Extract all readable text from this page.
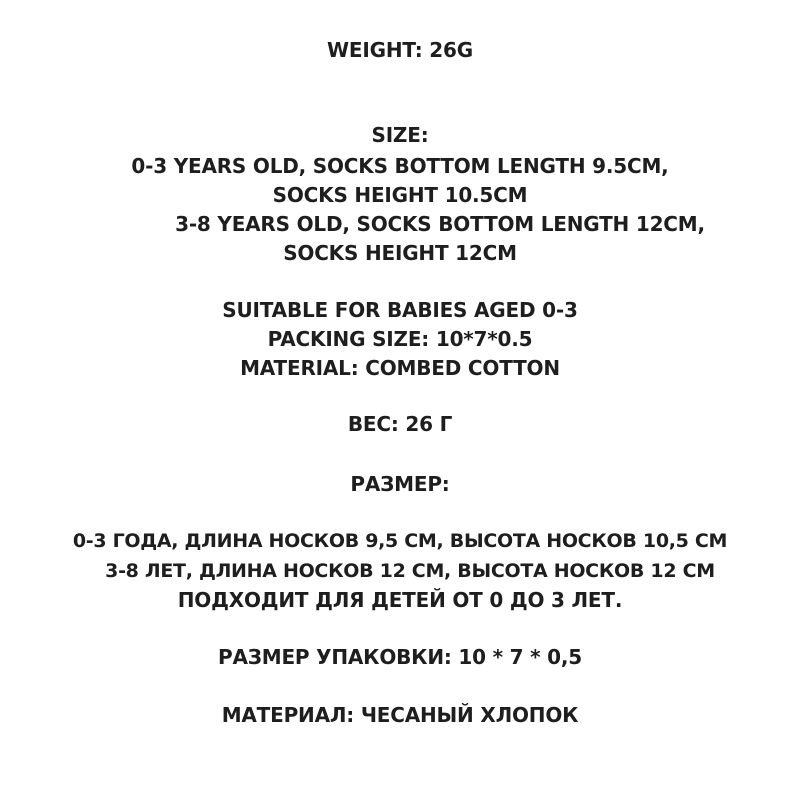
WEIGHT: 26G
SIZE:
0-3 YEARS OLD, SOCKS BOTTOM LENGTH 9.5CM,
SOCKS HEIGHT 10.5CM
3-8 YEARS OLD, SOCKS BOTTOM LENGTH 12CM,
SOCKS HEIGHT 12CM
SUITABLE FOR BABIES AGED 0-3
PACKING SIZE: 10*7*0.5
MATERIAL: COMBED COTTON
ВЕС: 26 Г
РАЗМЕР:
0-3 ГОДА, ДЛИНА НОСКОВ 9,5 СМ, ВЫСОТА НОСКОВ 10,5 СМ
3-8 ЛЕТ, ДЛИНА НОСКОВ 12 СМ, ВЫСОТА НОСКОВ 12 СМ
ПОДХОДИТ ДЛЯ ДЕТЕЙ ОТ 0 ДО 3 ЛЕТ.
РАЗМЕР УПАКОВКИ: 10 * 7 * 0,5
МАТЕРИАЛ: ЧЕСАНЫЙ ХЛОПОК
